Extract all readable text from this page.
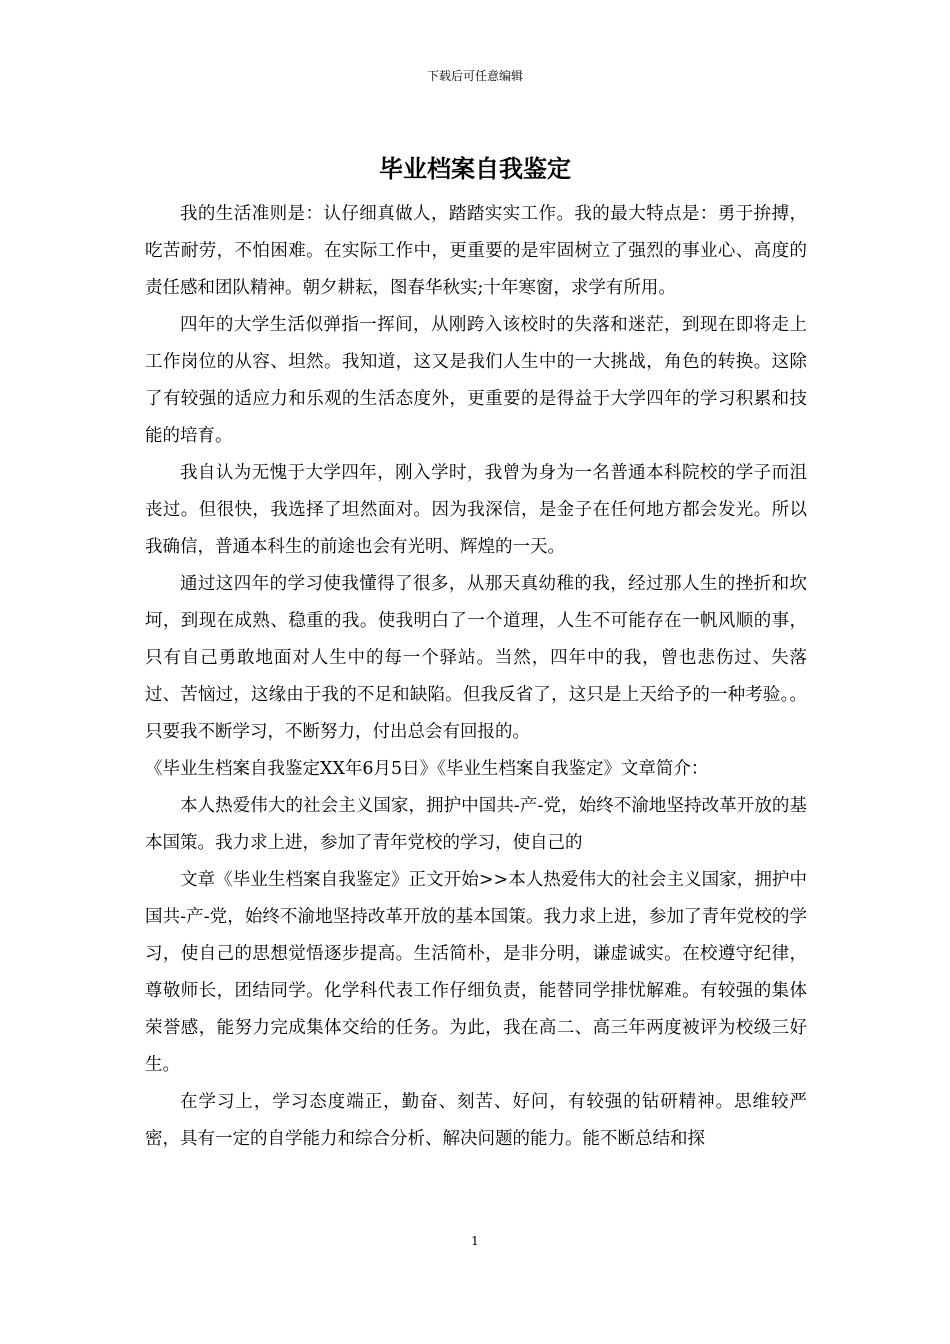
下载后可任意编辑
毕业档案自我鉴定

我的生活准则是：认仔细真做人，踏踏实实工作。我的最大特点是：勇于拚搏，吃苦耐劳，不怕困难。在实际工作中，更重要的是牢固树立了强烈的事业心、高度的责任感和团队精神。朝夕耕耘，图春华秋实;十年寒窗，求学有所用。

四年的大学生活似弹指一挥间，从刚跨入该校时的失落和迷茫，到现在即将走上工作岗位的从容、坦然。我知道，这又是我们人生中的一大挑战，角色的转换。这除了有较强的适应力和乐观的生活态度外，更重要的是得益于大学四年的学习积累和技能的培育。

我自认为无愧于大学四年，刚入学时，我曾为身为一名普通本科院校的学子而沮丧过。但很快，我选择了坦然面对。因为我深信，是金子在任何地方都会发光。所以我确信，普通本科生的前途也会有光明、辉煌的一天。

通过这四年的学习使我懂得了很多，从那天真幼稚的我，经过那人生的挫折和坎坷，到现在成熟、稳重的我。使我明白了一个道理，人生不可能存在一帆风顺的事，只有自己勇敢地面对人生中的每一个驿站。当然，四年中的我，曾也悲伤过、失落过、苦恼过，这缘由于我的不足和缺陷。但我反省了，这只是上天给予的一种考验。。只要我不断学习，不断努力，付出总会有回报的。

《毕业生档案自我鉴定XX年6月5日》《毕业生档案自我鉴定》文章简介：

本人热爱伟大的社会主义国家，拥护中国共-产-党，始终不渝地坚持改革开放的基本国策。我力求上进，参加了青年党校的学习，使自己的

文章《毕业生档案自我鉴定》正文开始>>本人热爱伟大的社会主义国家，拥护中国共-产-党，始终不渝地坚持改革开放的基本国策。我力求上进，参加了青年党校的学习，使自己的思想觉悟逐步提高。生活简朴，是非分明，谦虚诚实。在校遵守纪律，尊敬师长，团结同学。化学科代表工作仔细负责，能替同学排忧解难。有较强的集体荣誉感，能努力完成集体交给的任务。为此，我在高二、高三年两度被评为校级三好生。

在学习上，学习态度端正，勤奋、刻苦、好问，有较强的钻研精神。思维较严密，具有一定的自学能力和综合分析、解决问题的能力。能不断总结和探

1
